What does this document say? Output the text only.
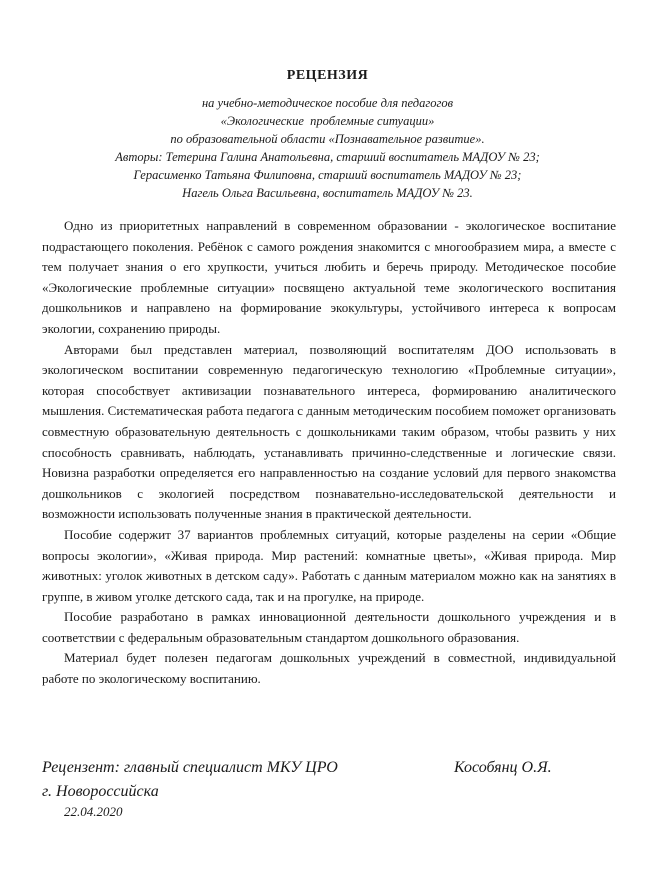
РЕЦЕНЗИЯ
на учебно-методическое пособие для педагогов
«Экологические  проблемные ситуации»
по образовательной области «Познавательное развитие».
Авторы: Тетерина Галина Анатольевна, старший воспитатель МАДОУ № 23;
Герасименко Татьяна Филиповна, старший воспитатель МАДОУ № 23;
Нагель Ольга Васильевна, воспитатель МАДОУ № 23.

Одно из приоритетных направлений в современном образовании - экологическое воспитание подрастающего поколения. Ребёнок с самого рождения знакомится с многообразием мира, а вместе с тем получает знания о его хрупкости, учиться любить и беречь природу. Методическое пособие «Экологические проблемные ситуации» посвящено актуальной теме экологического воспитания дошкольников и направлено на формирование экокультуры, устойчивого интереса к вопросам экологии, сохранению природы.

Авторами был представлен материал, позволяющий воспитателям ДОО использовать в экологическом воспитании современную педагогическую технологию «Проблемные ситуации», которая способствует активизации познавательного интереса, формированию аналитического мышления. Систематическая работа педагога с данным методическим пособием поможет организовать совместную образовательную деятельность с дошкольниками таким образом, чтобы развить у них способность сравнивать, наблюдать, устанавливать причинно-следственные и логические связи. Новизна разработки определяется его направленностью на создание условий для первого знакомства дошкольников с экологией посредством познавательно-исследовательской деятельности и возможности использовать полученные знания в практической деятельности.

Пособие содержит 37 вариантов проблемных ситуаций, которые разделены на серии «Общие вопросы экологии», «Живая природа. Мир растений: комнатные цветы», «Живая природа. Мир животных: уголок животных в детском саду». Работать с данным материалом можно как на занятиях в группе, в живом уголке детского сада, так и на прогулке, на природе.

Пособие разработано в рамках инновационной деятельности дошкольного учреждения и в соответствии с федеральным образовательным стандартом дошкольного образования.

Материал будет полезен педагогам дошкольных учреждений в совместной, индивидуальной работе по экологическому воспитанию.

Рецензент: главный специалист МКУ ЦРО	Кособянц О.Я.
г. Новороссийска
22.04.2020
